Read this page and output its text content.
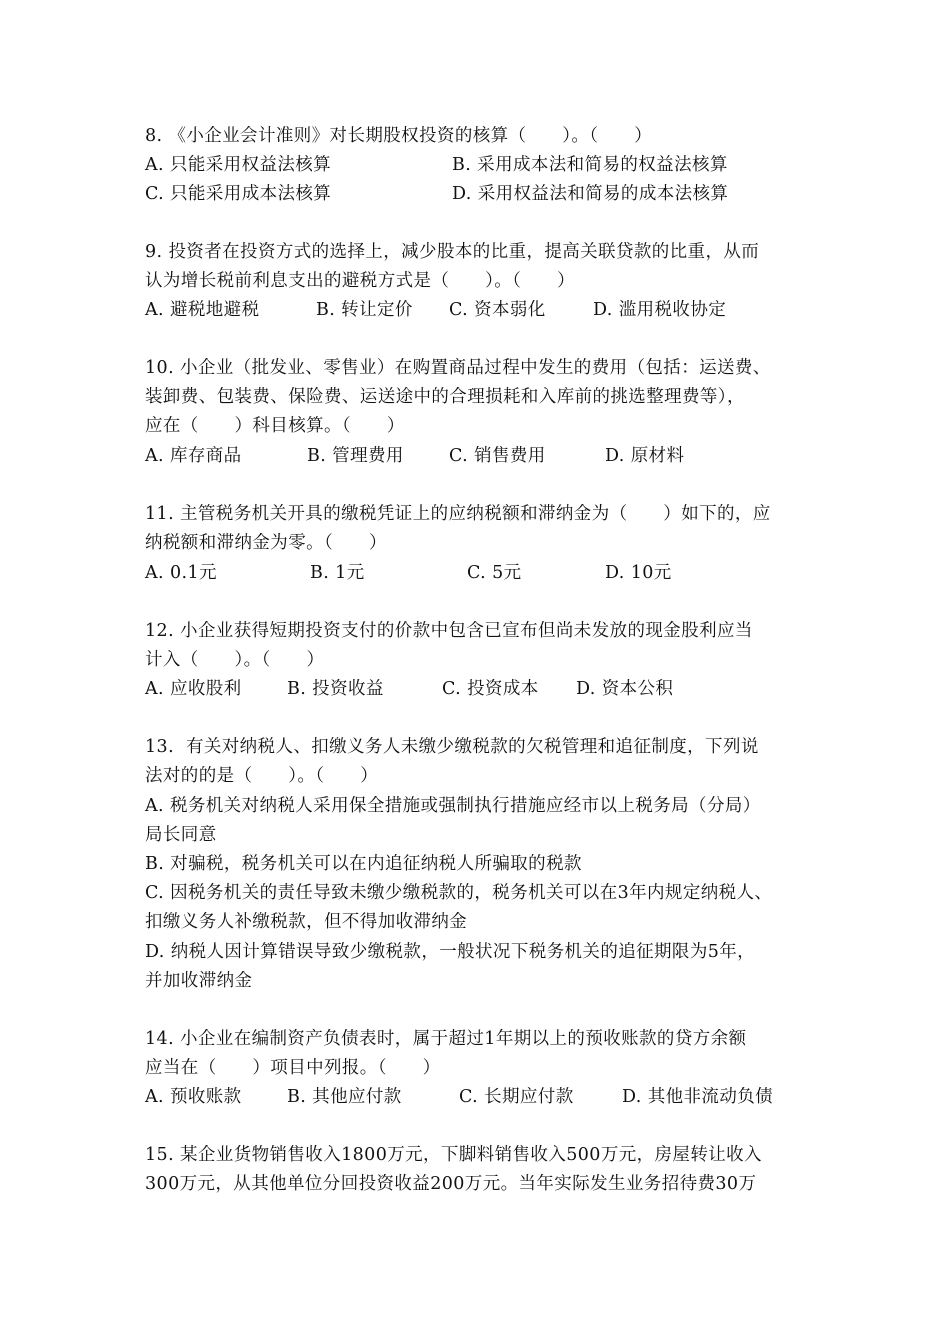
8. 《小企业会计准则》对长期股权投资的核算（　　）。（　　）
A. 只能采用权益法核算	B. 采用成本法和简易的权益法核算
C. 只能采用成本法核算	D. 采用权益法和简易的成本法核算
9. 投资者在投资方式的选择上，减少股本的比重，提高关联贷款的比重，从而
认为增长税前利息支出的避税方式是（　　）。（　　）
A. 避税地避税	B. 转让定价 C. 资本弱化	D. 滥用税收协定
10. 小企业（批发业、零售业）在购置商品过程中发生的费用（包括：运送费、
装卸费、包装费、保险费、运送途中的合理损耗和入库前的挑选整理费等），
应在（　　）科目核算。（　　）
A. 库存商品	B. 管理费用	C. 销售费用	D. 原材料
11. 主管税务机关开具的缴税凭证上的应纳税额和滞纳金为（　　）如下的，应
纳税额和滞纳金为零。（　　）
A. 0.1元	B. 1元	C. 5元	D. 10元
12. 小企业获得短期投资支付的价款中包含已宣布但尚未发放的现金股利应当
计入（　　）。（　　）
A. 应收股利	B. 投资收益	C. 投资成本 D. 资本公积
13.  有关对纳税人、扣缴义务人未缴少缴税款的欠税管理和追征制度，下列说
法对的的是（　　）。（　　）
A. 税务机关对纳税人采用保全措施或强制执行措施应经市以上税务局（分局）
局长同意
B. 对骗税，税务机关可以在内追征纳税人所骗取的税款
C. 因税务机关的责任导致未缴少缴税款的，税务机关可以在3年内规定纳税人、
扣缴义务人补缴税款，但不得加收滞纳金
D. 纳税人因计算错误导致少缴税款，一般状况下税务机关的追征期限为5年，
并加收滞纳金
14. 小企业在编制资产负债表时，属于超过1年期以上的预收账款的贷方余额
应当在（　　）项目中列报。（　　）
A. 预收账款	B. 其他应付款	C. 长期应付款	D. 其他非流动负债
15. 某企业货物销售收入1800万元，下脚料销售收入500万元，房屋转让收入
300万元，从其他单位分回投资收益200万元。当年实际发生业务招待费30万
